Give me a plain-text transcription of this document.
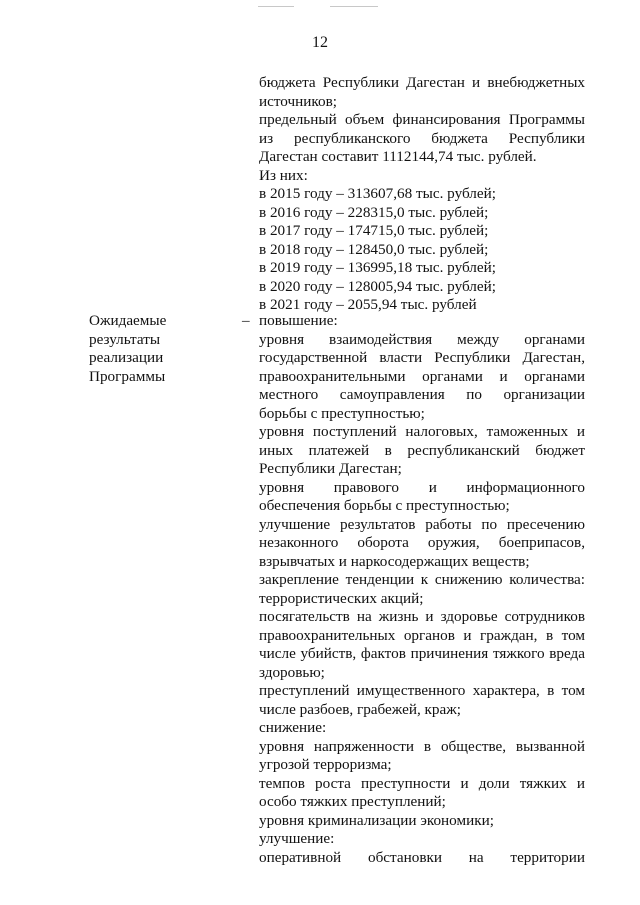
12
бюджета Республики Дагестан и внебюджетных
источников;
предельный объем финансирования Программы
из республиканского бюджета Республики
Дагестан составит 1112144,74 тыс. рублей.
Из них:
в 2015 году – 313607,68 тыс. рублей;
в 2016 году – 228315,0 тыс. рублей;
в 2017 году – 174715,0 тыс. рублей;
в 2018 году – 128450,0 тыс. рублей;
в 2019 году – 136995,18 тыс. рублей;
в 2020 году – 128005,94 тыс. рублей;
в 2021 году – 2055,94 тыс. рублей
Ожидаемые
результаты
реализации
Программы
– повышение:
уровня взаимодействия между органами
государственной власти Республики Дагестан,
правоохранительными органами и органами
местного самоуправления по организации
борьбы с преступностью;
уровня поступлений налоговых, таможенных и
иных платежей в республиканский бюджет
Республики Дагестан;
уровня правового и информационного
обеспечения борьбы с преступностью;
улучшение результатов работы по пресечению
незаконного оборота оружия, боеприпасов,
взрывчатых и наркосодержащих веществ;
закрепление тенденции к снижению количества:
террористических акций;
посягательств на жизнь и здоровье сотрудников
правоохранительных органов и граждан, в том
числе убийств, фактов причинения тяжкого вреда
здоровью;
преступлений имущественного характера, в том
числе разбоев, грабежей, краж;
снижение:
уровня напряженности в обществе, вызванной
угрозой терроризма;
темпов роста преступности и доли тяжких и
особо тяжких преступлений;
уровня криминализации экономики;
улучшение:
оперативной обстановки на территории
